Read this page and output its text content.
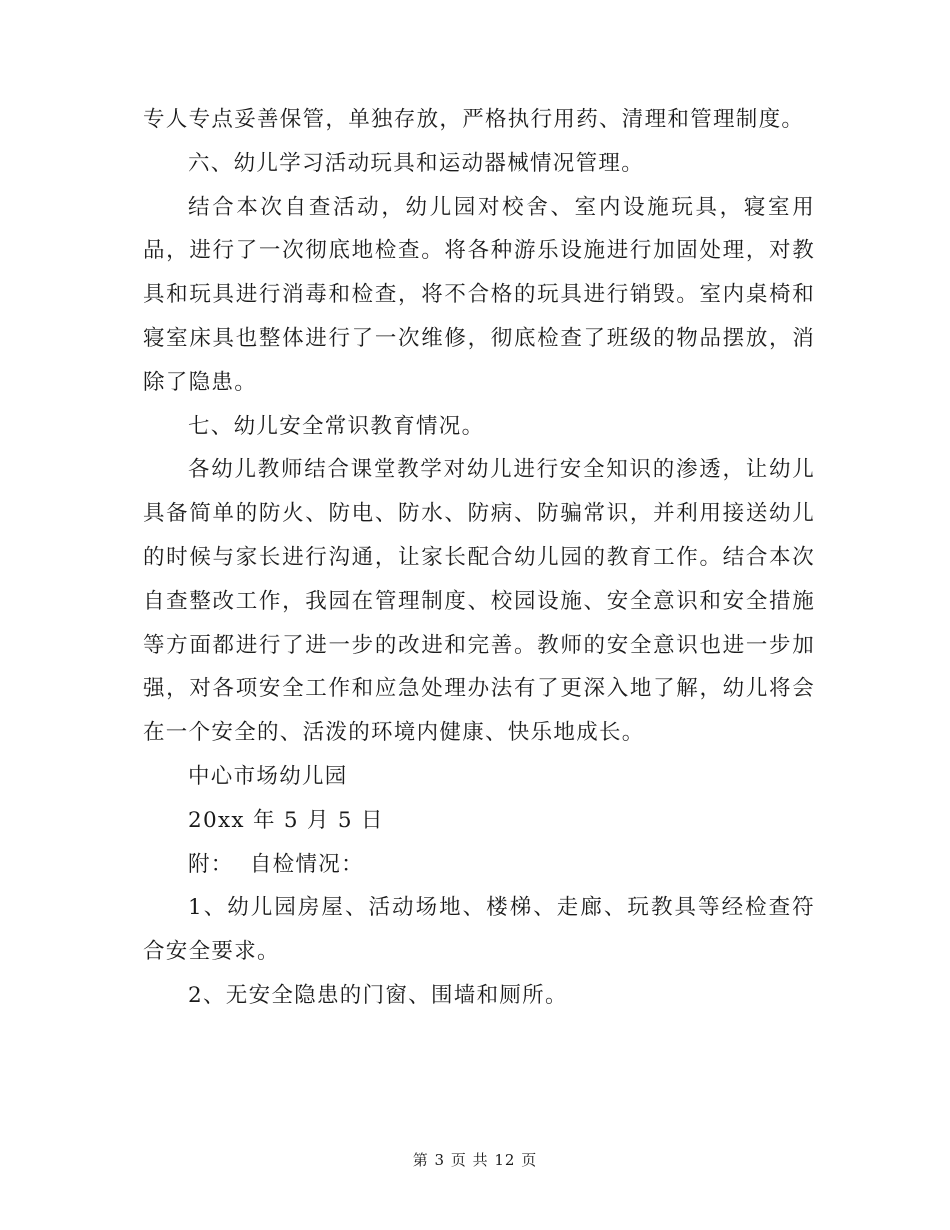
专人专点妥善保管，单独存放，严格执行用药、清理和管理制度。

六、幼儿学习活动玩具和运动器械情况管理。

结合本次自查活动，幼儿园对校舍、室内设施玩具，寝室用品，进行了一次彻底地检查。将各种游乐设施进行加固处理，对教具和玩具进行消毒和检查，将不合格的玩具进行销毁。室内桌椅和寝室床具也整体进行了一次维修，彻底检查了班级的物品摆放，消除了隐患。

七、幼儿安全常识教育情况。

各幼儿教师结合课堂教学对幼儿进行安全知识的渗透，让幼儿具备简单的防火、防电、防水、防病、防骗常识，并利用接送幼儿的时候与家长进行沟通，让家长配合幼儿园的教育工作。结合本次自查整改工作，我园在管理制度、校园设施、安全意识和安全措施等方面都进行了进一步的改进和完善。教师的安全意识也进一步加强，对各项安全工作和应急处理办法有了更深入地了解，幼儿将会在一个安全的、活泼的环境内健康、快乐地成长。

中心市场幼儿园

20xx 年 5 月 5 日

附：  自检情况：

1、幼儿园房屋、活动场地、楼梯、走廊、玩教具等经检查符合安全要求。

2、无安全隐患的门窗、围墙和厕所。

第 3 页 共 12 页
